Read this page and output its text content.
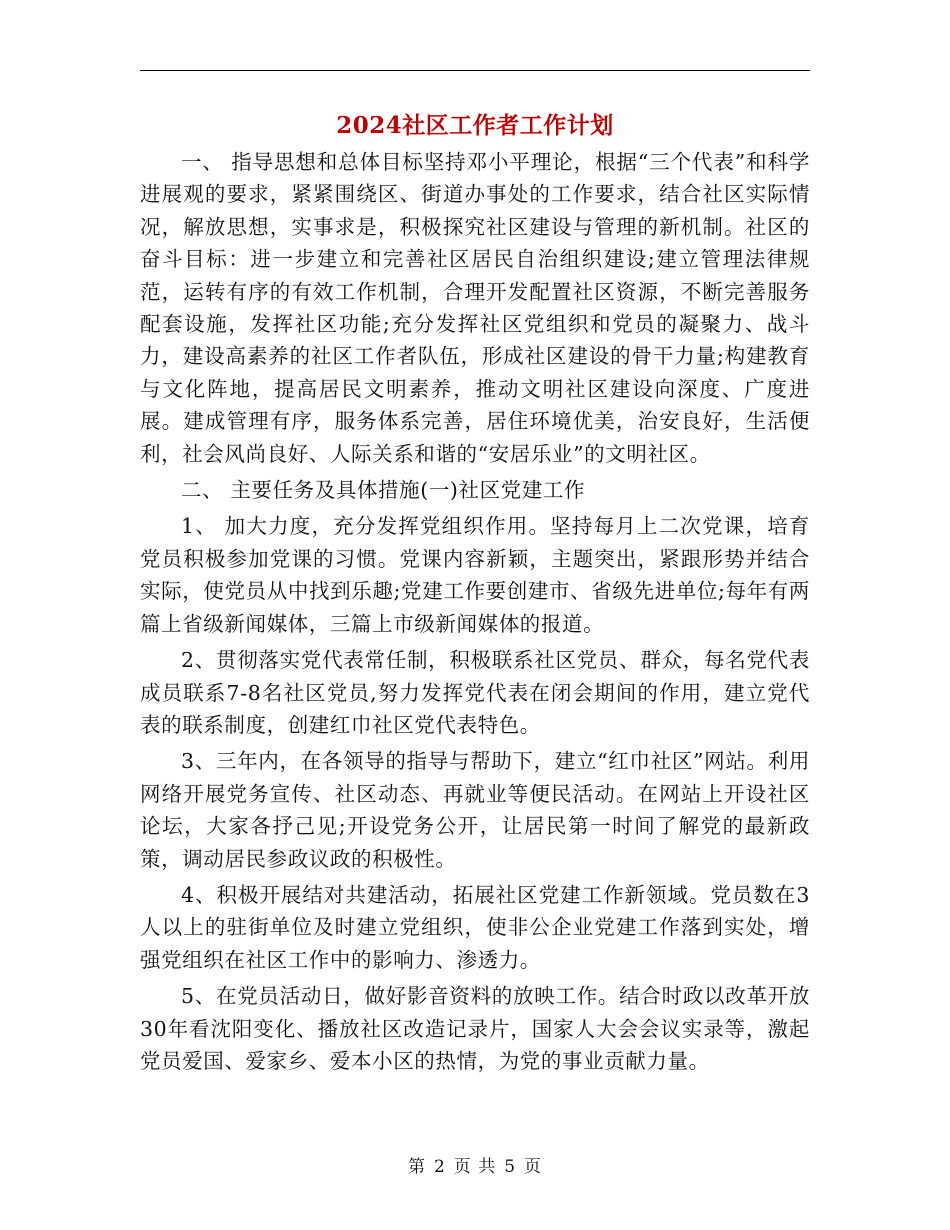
2024社区工作者工作计划

一、 指导思想和总体目标坚持邓小平理论，根据“三个代表”和科学进展观的要求，紧紧围绕区、街道办事处的工作要求，结合社区实际情况，解放思想，实事求是，积极探究社区建设与管理的新机制。社区的奋斗目标：进一步建立和完善社区居民自治组织建设;建立管理法律规范，运转有序的有效工作机制，合理开发配置社区资源，不断完善服务配套设施，发挥社区功能;充分发挥社区党组织和党员的凝聚力、战斗力，建设高素养的社区工作者队伍，形成社区建设的骨干力量;构建教育与文化阵地，提高居民文明素养，推动文明社区建设向深度、广度进展。建成管理有序，服务体系完善，居住环境优美，治安良好，生活便利，社会风尚良好、人际关系和谐的“安居乐业”的文明社区。

二、 主要任务及具体措施(一)社区党建工作

1、 加大力度，充分发挥党组织作用。坚持每月上二次党课，培育党员积极参加党课的习惯。党课内容新颖，主题突出，紧跟形势并结合实际，使党员从中找到乐趣;党建工作要创建市、省级先进单位;每年有两篇上省级新闻媒体，三篇上市级新闻媒体的报道。

2、贯彻落实党代表常任制，积极联系社区党员、群众，每名党代表成员联系7-8名社区党员,努力发挥党代表在闭会期间的作用，建立党代表的联系制度，创建红巾社区党代表特色。

3、三年内，在各领导的指导与帮助下，建立“红巾社区”网站。利用网络开展党务宣传、社区动态、再就业等便民活动。在网站上开设社区论坛，大家各抒己见;开设党务公开，让居民第一时间了解党的最新政策，调动居民参政议政的积极性。

4、积极开展结对共建活动，拓展社区党建工作新领域。党员数在3人以上的驻街单位及时建立党组织，使非公企业党建工作落到实处，增强党组织在社区工作中的影响力、渗透力。

5、在党员活动日，做好影音资料的放映工作。结合时政以改革开放30年看沈阳变化、播放社区改造记录片，国家人大会会议实录等，激起党员爱国、爱家乡、爱本小区的热情，为党的事业贡献力量。

第 2 页 共 5 页
